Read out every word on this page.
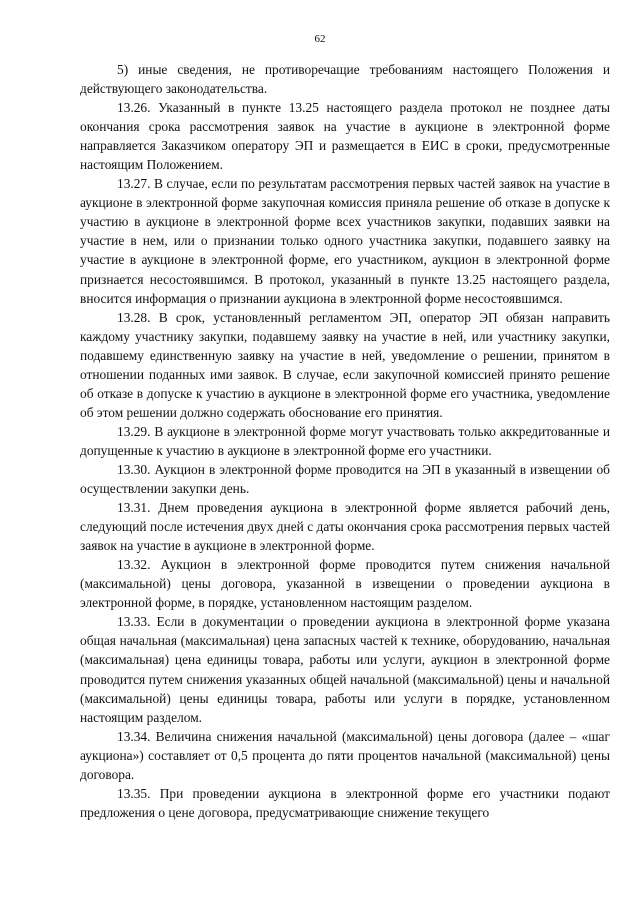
62

5) иные сведения, не противоречащие требованиям настоящего Положения и действующего законодательства.

13.26. Указанный в пункте 13.25 настоящего раздела протокол не позднее даты окончания срока рассмотрения заявок на участие в аукционе в электронной форме направляется Заказчиком оператору ЭП и размещается в ЕИС в сроки, предусмотренные настоящим Положением.

13.27. В случае, если по результатам рассмотрения первых частей заявок на участие в аукционе в электронной форме закупочная комиссия приняла решение об отказе в допуске к участию в аукционе в электронной форме всех участников закупки, подавших заявки на участие в нем, или о признании только одного участника закупки, подавшего заявку на участие в аукционе в электронной форме, его участником, аукцион в электронной форме признается несостоявшимся. В протокол, указанный в пункте 13.25 настоящего раздела, вносится информация о признании аукциона в электронной форме несостоявшимся.

13.28. В срок, установленный регламентом ЭП, оператор ЭП обязан направить каждому участнику закупки, подавшему заявку на участие в ней, или участнику закупки, подавшему единственную заявку на участие в ней, уведомление о решении, принятом в отношении поданных ими заявок. В случае, если закупочной комиссией принято решение об отказе в допуске к участию в аукционе в электронной форме его участника, уведомление об этом решении должно содержать обоснование его принятия.

13.29. В аукционе в электронной форме могут участвовать только аккредитованные и допущенные к участию в аукционе в электронной форме его участники.

13.30. Аукцион в электронной форме проводится на ЭП в указанный в извещении об осуществлении закупки день.

13.31. Днем проведения аукциона в электронной форме является рабочий день, следующий после истечения двух дней с даты окончания срока рассмотрения первых частей заявок на участие в аукционе в электронной форме.

13.32. Аукцион в электронной форме проводится путем снижения начальной (максимальной) цены договора, указанной в извещении о проведении аукциона в электронной форме, в порядке, установленном настоящим разделом.

13.33. Если в документации о проведении аукциона в электронной форме указана общая начальная (максимальная) цена запасных частей к технике, оборудованию, начальная (максимальная) цена единицы товара, работы или услуги, аукцион в электронной форме проводится путем снижения указанных общей начальной (максимальной) цены и начальной (максимальной) цены единицы товара, работы или услуги в порядке, установленном настоящим разделом.

13.34. Величина снижения начальной (максимальной) цены договора (далее – «шаг аукциона») составляет от 0,5 процента до пяти процентов начальной (максимальной) цены договора.

13.35. При проведении аукциона в электронной форме его участники подают предложения о цене договора, предусматривающие снижение текущего
